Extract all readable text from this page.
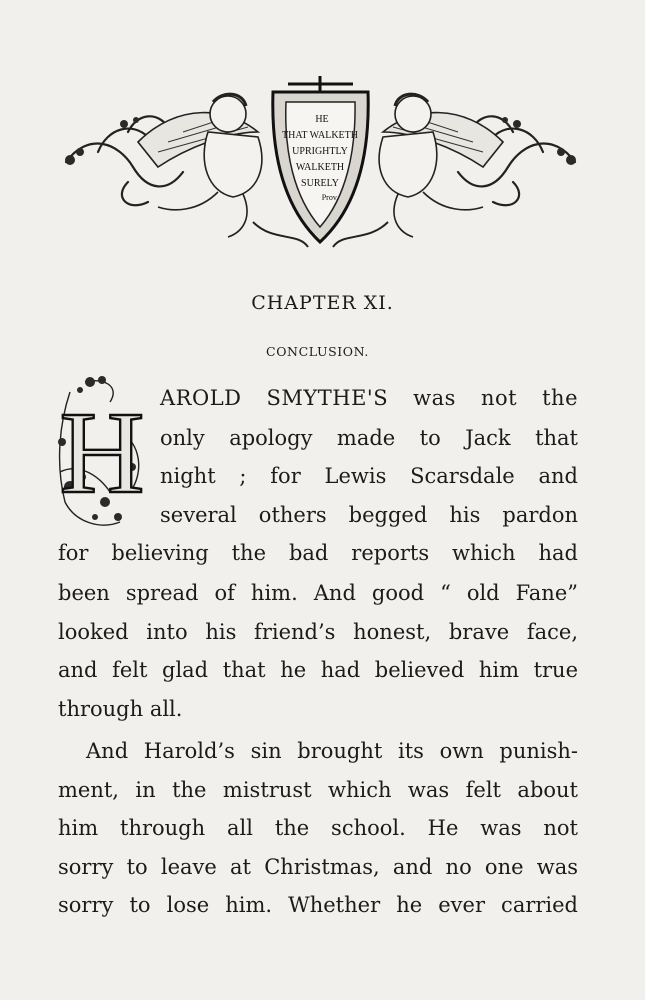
HE
THAT WALKETH
UPRIGHTLY
WALKETH
SURELY
Prov.
CHAPTER XI.
CONCLUSION.
H AROLD SMYTHE'S was not the
only apology made to Jack that
night ; for Lewis Scarsdale and
several others begged his pardon
for believing the bad reports which had
been spread of him. And good “ old Fane”
looked into his friend’s honest, brave face,
and felt glad that he had believed him true
through all.
And Harold’s sin brought its own punish-
ment, in the mistrust which was felt about
him through all the school. He was not
sorry to leave at Christmas, and no one was
sorry to lose him. Whether he ever carried
